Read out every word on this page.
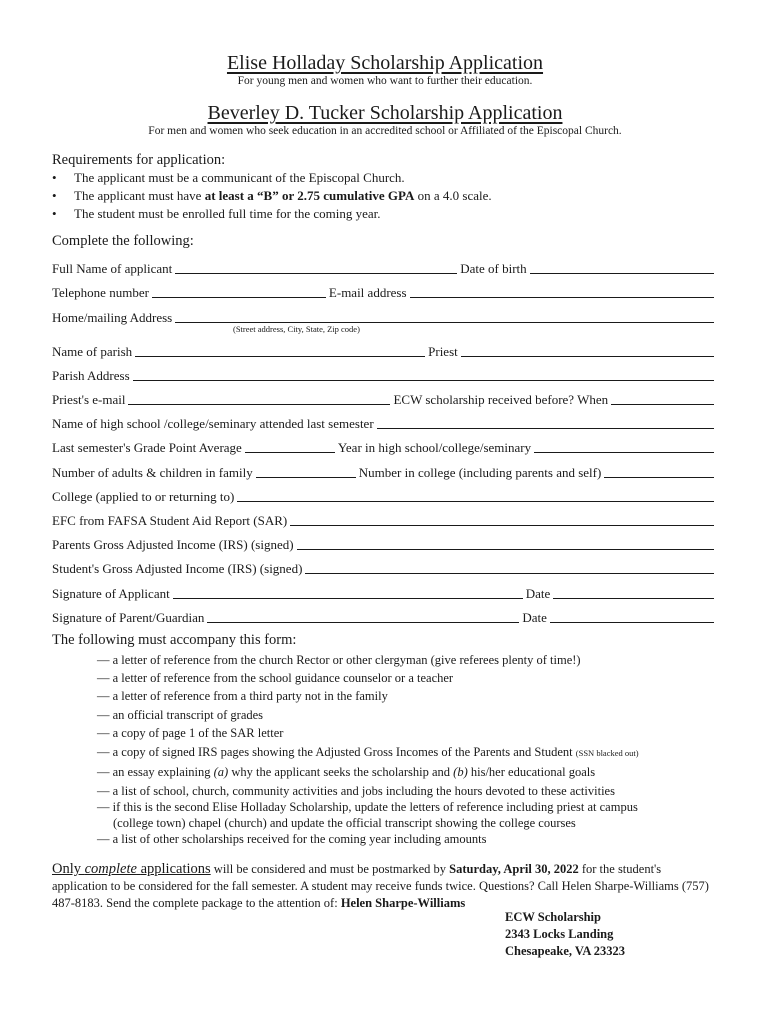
Elise Holladay Scholarship Application
For young men and women who want to further their education.
Beverley D. Tucker Scholarship Application
For men and women who seek education in an accredited school or Affiliated of the Episcopal Church.
Requirements for application:
• The applicant must be a communicant of the Episcopal Church.
• The applicant must have at least a “B” or 2.75 cumulative GPA on a 4.0 scale.
• The student must be enrolled full time for the coming year.
Complete the following:
Full Name of applicant	Date of birth
Telephone number	E-mail address
Home/mailing Address
(Street address, City, State, Zip code)
Name of parish	Priest
Parish Address
Priest's e-mail	ECW scholarship received before? When
Name of high school /college/seminary attended last semester
Last semester's Grade Point Average	Year in high school/college/seminary
Number of adults & children in family	Number in college (including parents and self)
College (applied to or returning to)
EFC from FAFSA Student Aid Report (SAR)
Parents Gross Adjusted Income (IRS) (signed)
Student's Gross Adjusted Income (IRS) (signed)
Signature of Applicant	Date
Signature of Parent/Guardian	Date
The following must accompany this form:
— a letter of reference from the church Rector or other clergyman (give referees plenty of time!)
— a letter of reference from the school guidance counselor or a teacher
— a letter of reference from a third party not in the family
— an official transcript of grades
— a copy of page 1 of the SAR letter
— a copy of signed IRS pages showing the Adjusted Gross Incomes of the Parents and Student (SSN blacked out)
— an essay explaining (a) why the applicant seeks the scholarship and (b) his/her educational goals
— a list of school, church, community activities and jobs including the hours devoted to these activities
— if this is the second Elise Holladay Scholarship, update the letters of reference including priest at campus
(college town) chapel (church) and update the official transcript showing the college courses
— a list of other scholarships received for the coming year including amounts
Only complete applications will be considered and must be postmarked by Saturday, April 30, 2022 for the student's application to be considered for the fall semester. A student may receive funds twice. Questions? Call Helen Sharpe-Williams (757) 487-8183. Send the complete package to the attention of: Helen Sharpe-Williams
ECW Scholarship
2343 Locks Landing
Chesapeake, VA 23323
